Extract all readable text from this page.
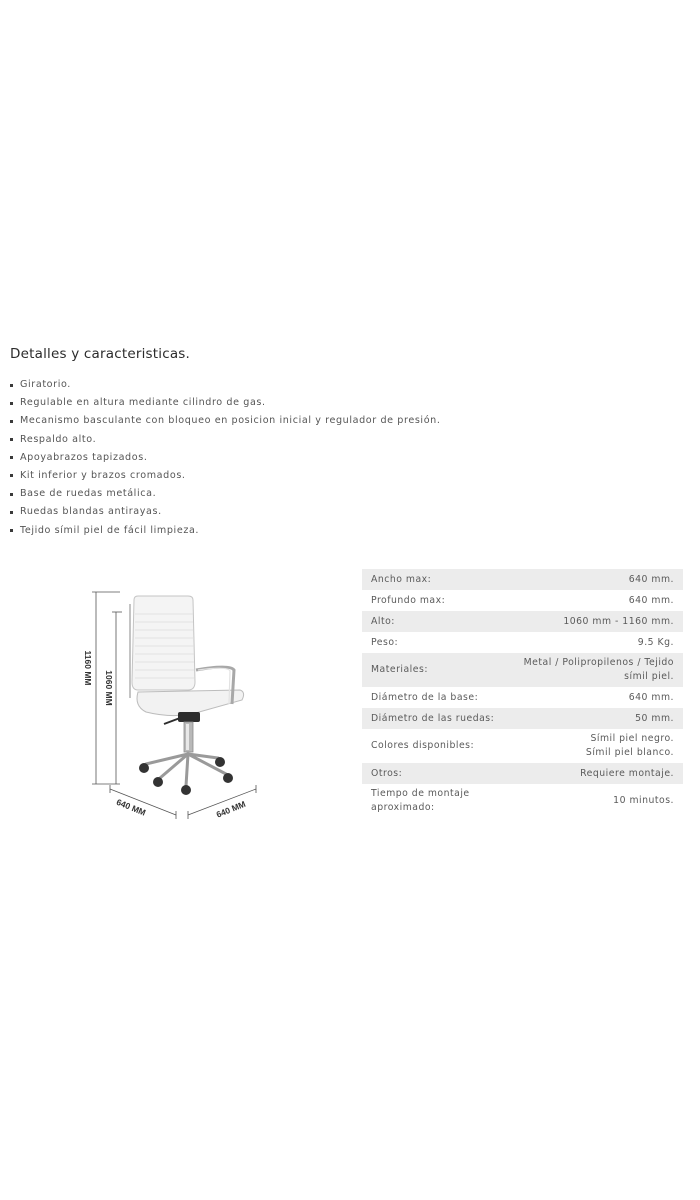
Detalles y caracteristicas.
Giratorio.
Regulable en altura mediante cilindro de gas.
Mecanismo basculante con bloqueo en posicion inicial y regulador de presión.
Respaldo alto.
Apoyabrazos tapizados.
Kit inferior y brazos cromados.
Base de ruedas metálica.
Ruedas blandas antirayas.
Tejido símil piel de fácil limpieza.
1160 MM
1060 MM
640 MM	640 MM
Ancho max:	640 mm.
Profundo max:	640 mm.
Alto:	1060 mm - 1160 mm.
Peso:	9.5 Kg.
Materiales:	Metal / Polipropilenos / Tejido
símil piel.
Diámetro de la base:	640 mm.
Diámetro de las ruedas:	50 mm.
Colores disponibles:	Símil piel negro.
Símil piel blanco.
Otros:	Requiere montaje.
Tiempo de montaje
aproximado:	10 minutos.
